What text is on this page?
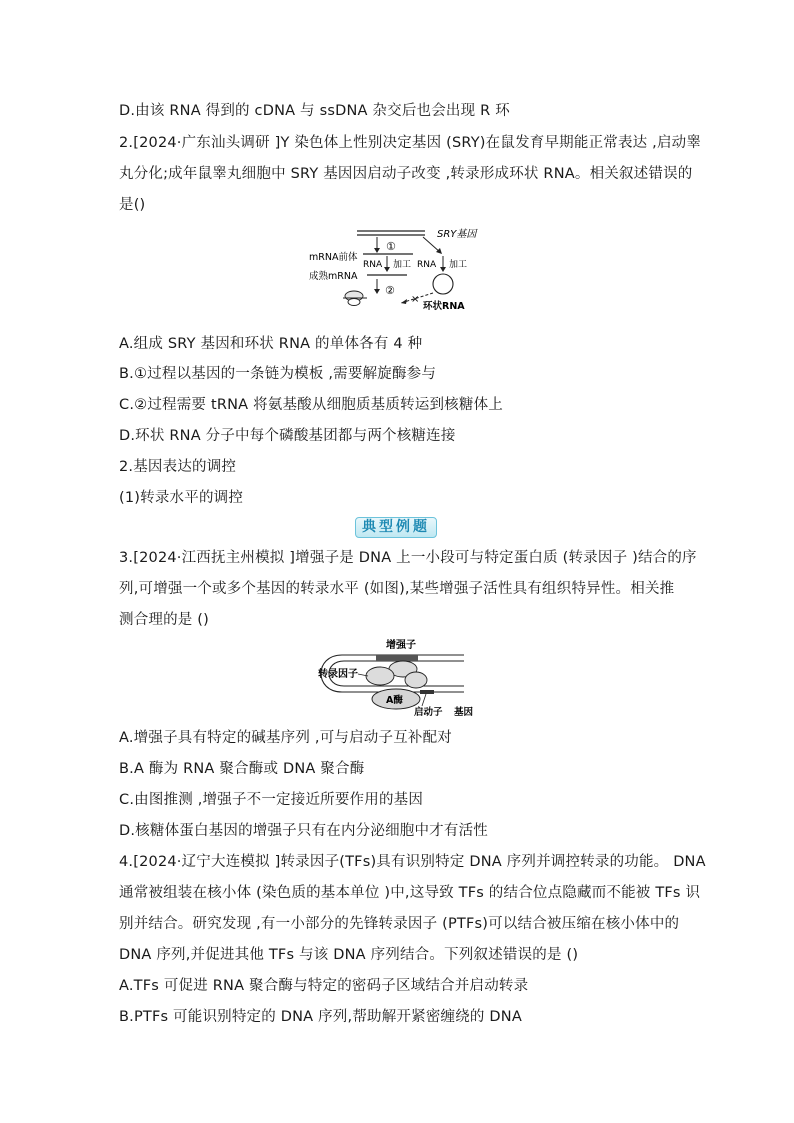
D.由该 RNA 得到的 cDNA 与 ssDNA 杂交后也会出现 R 环
2.[2024·广东汕头调研 ]Y 染色体上性别决定基因 (SRY)在鼠发育早期能正常表达 ,启动睾
丸分化;成年鼠睾丸细胞中 SRY 基因因启动子改变 ,转录形成环状 RNA。相关叙述错误的
是()
SRY基因
mRNA前体
①
RNA 加工 RNA 加工
成熟mRNA
②
×
环状RNA
A.组成 SRY 基因和环状 RNA 的单体各有 4 种
B.①过程以基因的一条链为模板 ,需要解旋酶参与
C.②过程需要 tRNA 将氨基酸从细胞质基质转运到核糖体上
D.环状 RNA 分子中每个磷酸基团都与两个核糖连接
2.基因表达的调控
(1)转录水平的调控
典型例题
3.[2024·江西抚主州模拟 ]增强子是 DNA 上一小段可与特定蛋白质 (转录因子 )结合的序
列,可增强一个或多个基因的转录水平 (如图),某些增强子活性具有组织特异性。相关推
测合理的是 ()
增强子
A酶
转录因子
启动子 基因
A.增强子具有特定的碱基序列 ,可与启动子互补配对
B.A 酶为 RNA 聚合酶或 DNA 聚合酶
C.由图推测 ,增强子不一定接近所要作用的基因
D.核糖体蛋白基因的增强子只有在内分泌细胞中才有活性
4.[2024·辽宁大连模拟 ]转录因子(TFs)具有识别特定 DNA 序列并调控转录的功能。 DNA
通常被组装在核小体 (染色质的基本单位 )中,这导致 TFs 的结合位点隐藏而不能被 TFs 识
别并结合。研究发现 ,有一小部分的先锋转录因子 (PTFs)可以结合被压缩在核小体中的
DNA 序列,并促进其他 TFs 与该 DNA 序列结合。下列叙述错误的是 ()
A.TFs 可促进 RNA 聚合酶与特定的密码子区域结合并启动转录
B.PTFs 可能识别特定的 DNA 序列,帮助解开紧密缠绕的 DNA
